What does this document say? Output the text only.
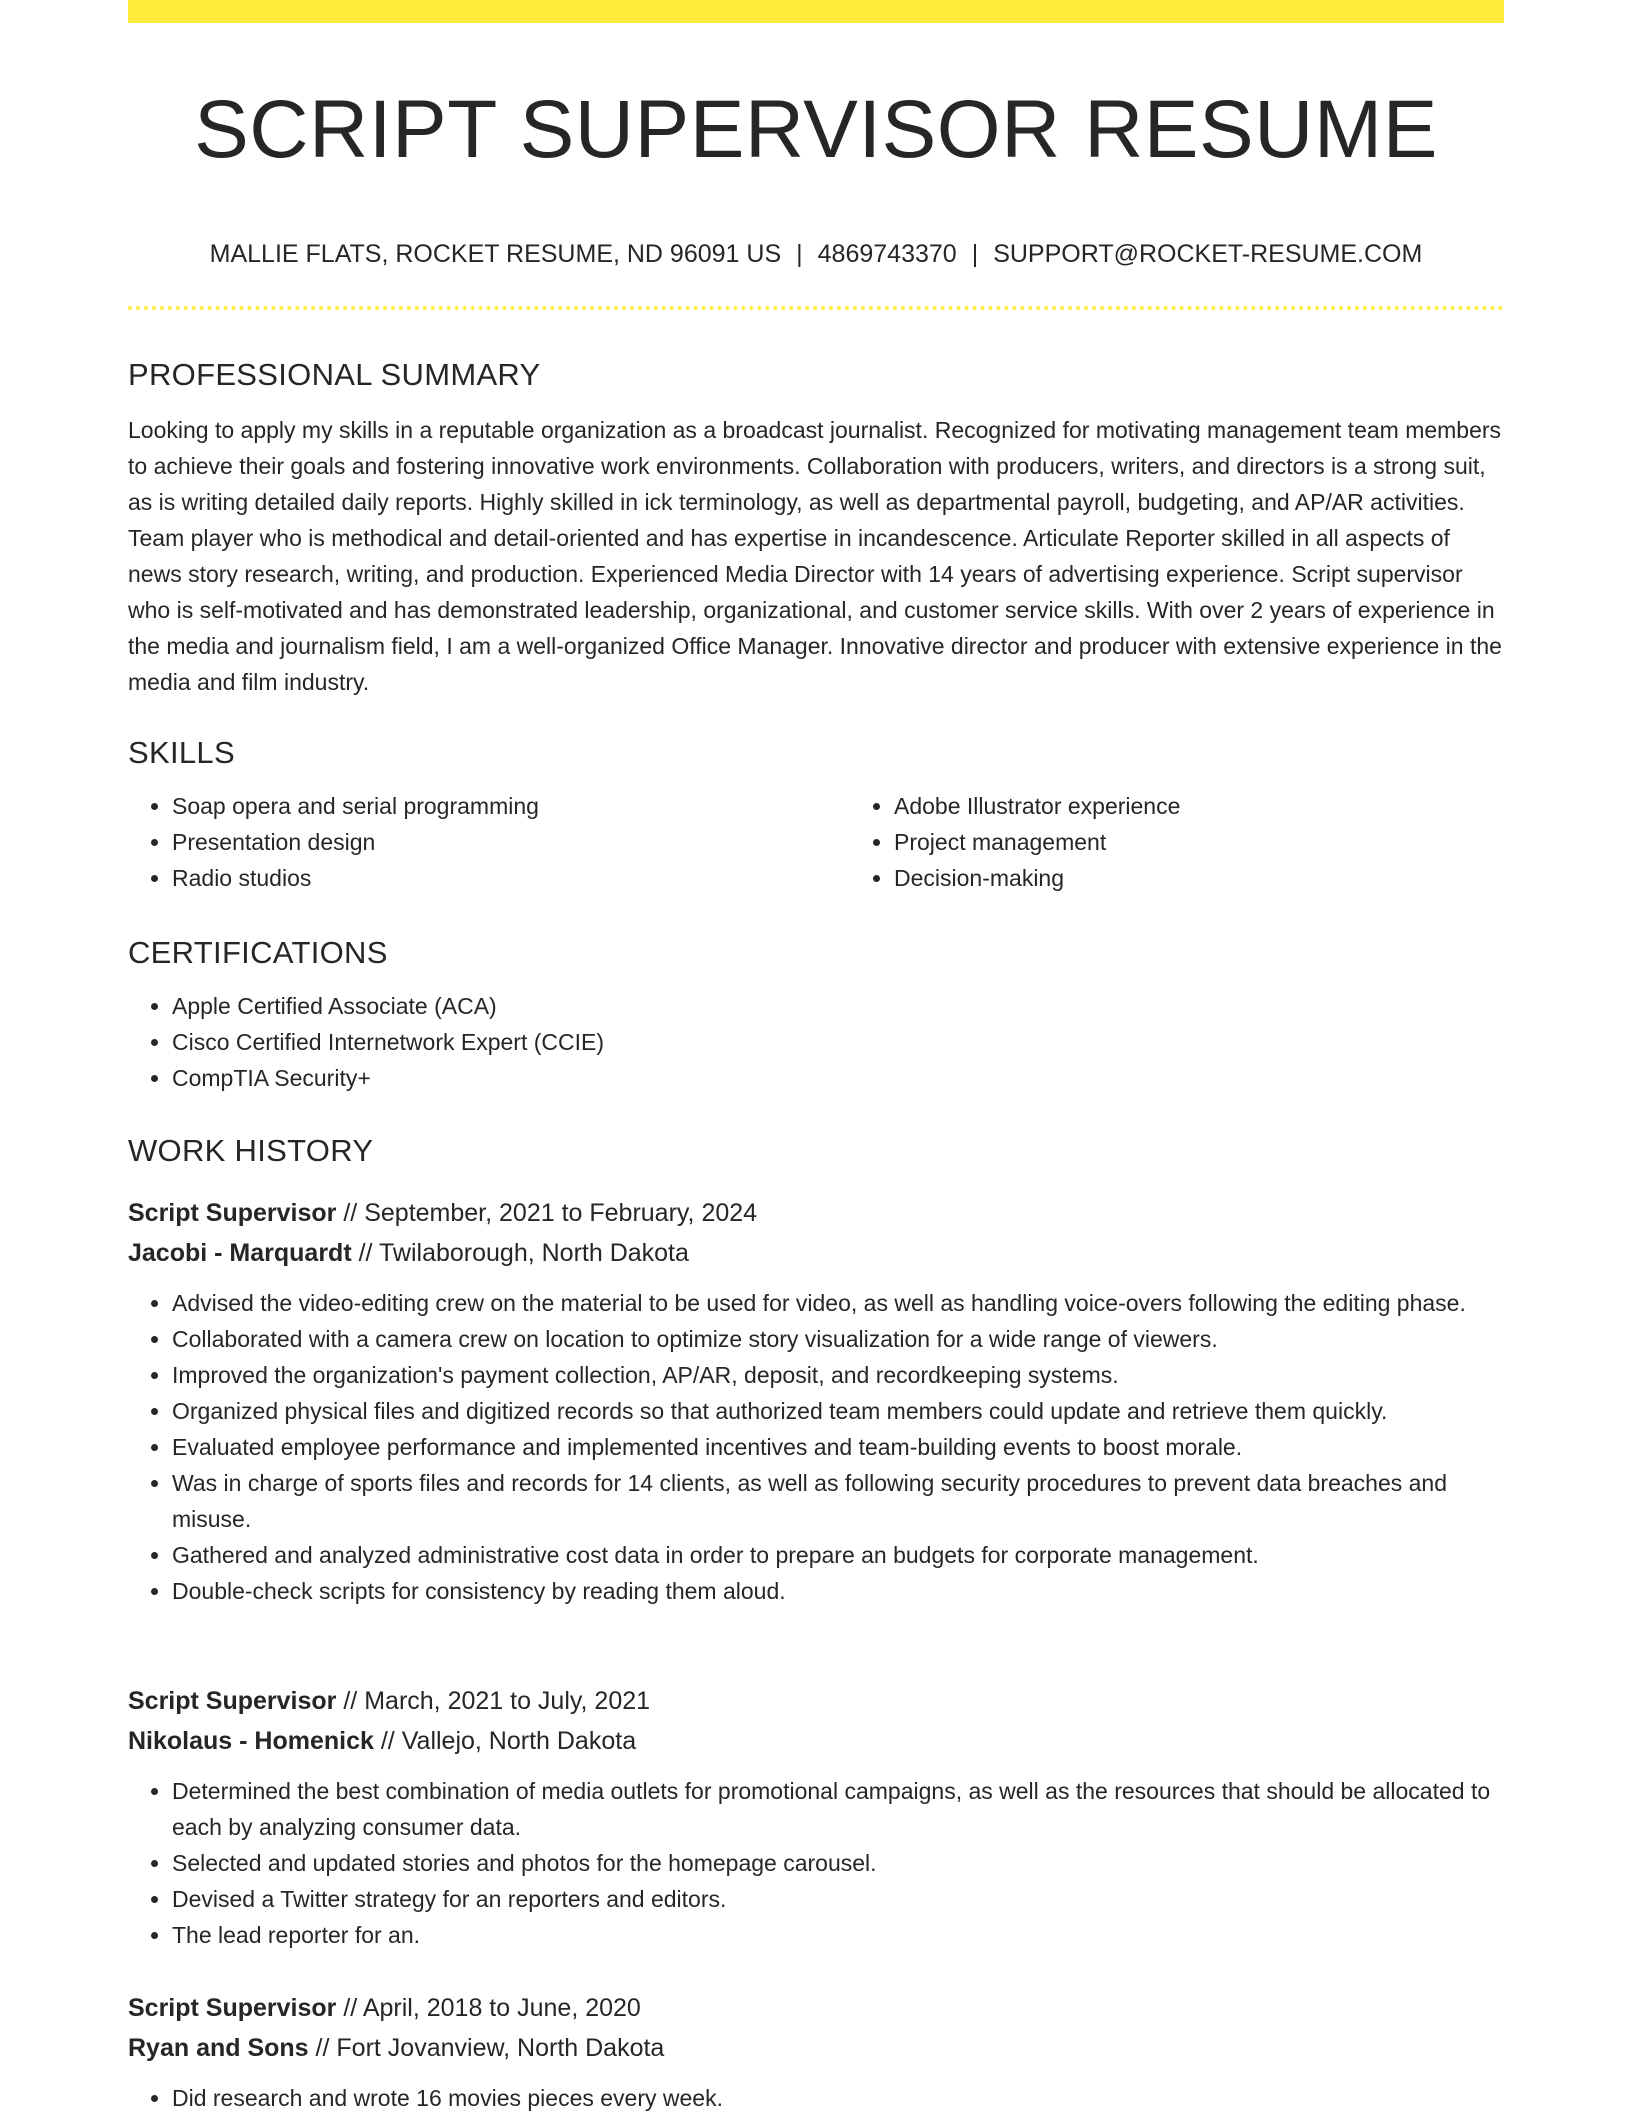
SCRIPT SUPERVISOR RESUME
MALLIE FLATS, ROCKET RESUME, ND 96091 US | 4869743370 | SUPPORT@ROCKET-RESUME.COM
PROFESSIONAL SUMMARY

Looking to apply my skills in a reputable organization as a broadcast journalist. Recognized for motivating management team members to achieve their goals and fostering innovative work environments. Collaboration with producers, writers, and directors is a strong suit, as is writing detailed daily reports. Highly skilled in ick terminology, as well as departmental payroll, budgeting, and AP/AR activities. Team player who is methodical and detail-oriented and has expertise in incandescence. Articulate Reporter skilled in all aspects of news story research, writing, and production. Experienced Media Director with 14 years of advertising experience. Script supervisor who is self-motivated and has demonstrated leadership, organizational, and customer service skills. With over 2 years of experience in the media and journalism field, I am a well-organized Office Manager. Innovative director and producer with extensive experience in the media and film industry.

SKILLS
• Soap opera and serial programming
• Presentation design
• Radio studios
• Adobe Illustrator experience
• Project management
• Decision-making
CERTIFICATIONS
• Apple Certified Associate (ACA)
• Cisco Certified Internetwork Expert (CCIE)
• CompTIA Security+
WORK HISTORY
Script Supervisor // September, 2021 to February, 2024
Jacobi - Marquardt // Twilaborough, North Dakota
• Advised the video-editing crew on the material to be used for video, as well as handling voice-overs following the editing phase.
• Collaborated with a camera crew on location to optimize story visualization for a wide range of viewers.
• Improved the organization's payment collection, AP/AR, deposit, and recordkeeping systems.
• Organized physical files and digitized records so that authorized team members could update and retrieve them quickly.
• Evaluated employee performance and implemented incentives and team-building events to boost morale.
• Was in charge of sports files and records for 14 clients, as well as following security procedures to prevent data breaches and misuse.
• Gathered and analyzed administrative cost data in order to prepare an budgets for corporate management.
• Double-check scripts for consistency by reading them aloud.
Script Supervisor // March, 2021 to July, 2021
Nikolaus - Homenick // Vallejo, North Dakota
• Determined the best combination of media outlets for promotional campaigns, as well as the resources that should be allocated to each by analyzing consumer data.
• Selected and updated stories and photos for the homepage carousel.
• Devised a Twitter strategy for an reporters and editors.
• The lead reporter for an.
Script Supervisor // April, 2018 to June, 2020
Ryan and Sons // Fort Jovanview, North Dakota
• Did research and wrote 16 movies pieces every week.
